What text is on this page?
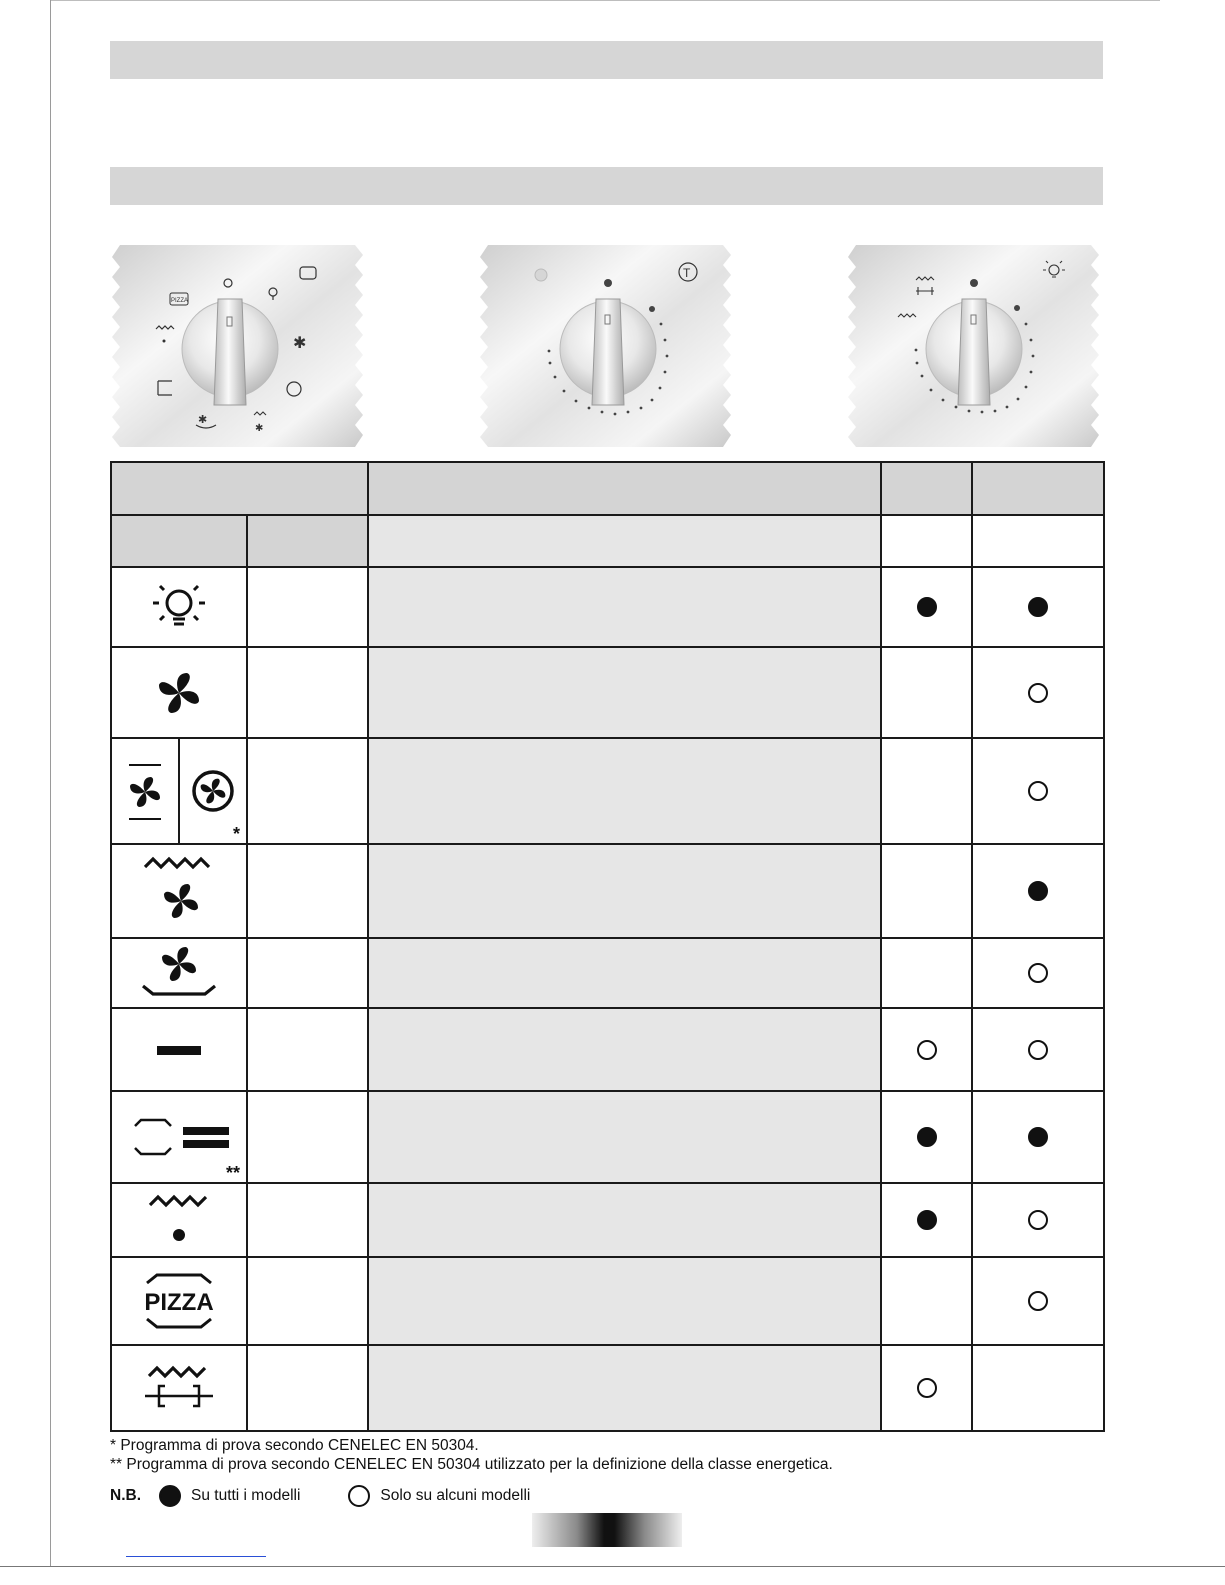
PIZZA
✱
✱
✱
T

*				

**				

PIZZA				

* Programma di prova secondo CENELEC EN 50304.
** Programma di prova secondo CENELEC EN 50304 utilizzato per la definizione della classe energetica.
N.B.	Su tutti i modelli	Solo su alcuni modelli
